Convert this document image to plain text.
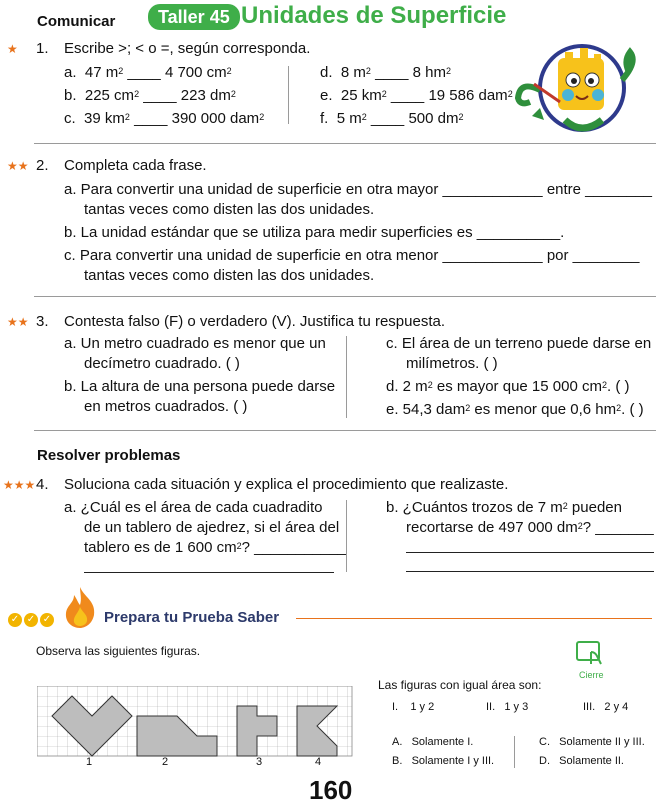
Comunicar	Taller 45 Unidades de Superficie
★ 1. Escribe >; < o =, según corresponda.
a. 47 $m^2$ ____ 4 700 $cm^2$
b. 225 $cm^2$ ____ 223 $dm^2$
c. 39 $km^2$ ____ 390 000 dam$^2$
d. 8 $m^2$ ____ 8 $hm^2$
e. 25 $km^2$ ____ 19 586 dam$^2$
f. 5 $m^2$ ____ 500 $dm^2$
★★ 2. Completa cada frase.
a. Para convertir una unidad de superficie en otra mayor ____________ entre ________
tantas veces como disten las dos unidades.
b. La unidad estándar que se utiliza para medir superficies es __________.
c. Para convertir una unidad de superficie en otra menor ____________ por ________
tantas veces como disten las dos unidades.
★★ 3. Contesta falso (F) o verdadero (V). Justifica tu respuesta.
a. Un metro cuadrado es menor que un
decímetro cuadrado. ( )
b. La altura de una persona puede darse
en metros cuadrados. ( )
c. El área de un terreno puede darse en
milímetros. ( )
d. 2 $m^2$ es mayor que 15 000 $cm^2$. ( )
e. 54,3 dam$^2$ es menor que 0,6 $hm^2$. ( )
Resolver problemas
★★★ 4. Soluciona cada situación y explica el procedimiento que realizaste.
a. ¿Cuál es el área de cada cuadradito
de un tablero de ajedrez, si el área del
tablero es de 1 600 $cm^2$? ___________
b. ¿Cuántos trozos de 7 $m^2$ pueden
recortarse de 497 000 $dm^2$? _______
✓ ✓ ✓	Prepara tu Prueba Saber
Observa las siguientes figuras.
Cierre
1	2	3	4
Las figuras con igual área son:
I. 1 y 2	II. 1 y 3	III. 2 y 4
A. Solamente I.
B. Solamente I y III.
C. Solamente II y III.
D. Solamente II.
160
